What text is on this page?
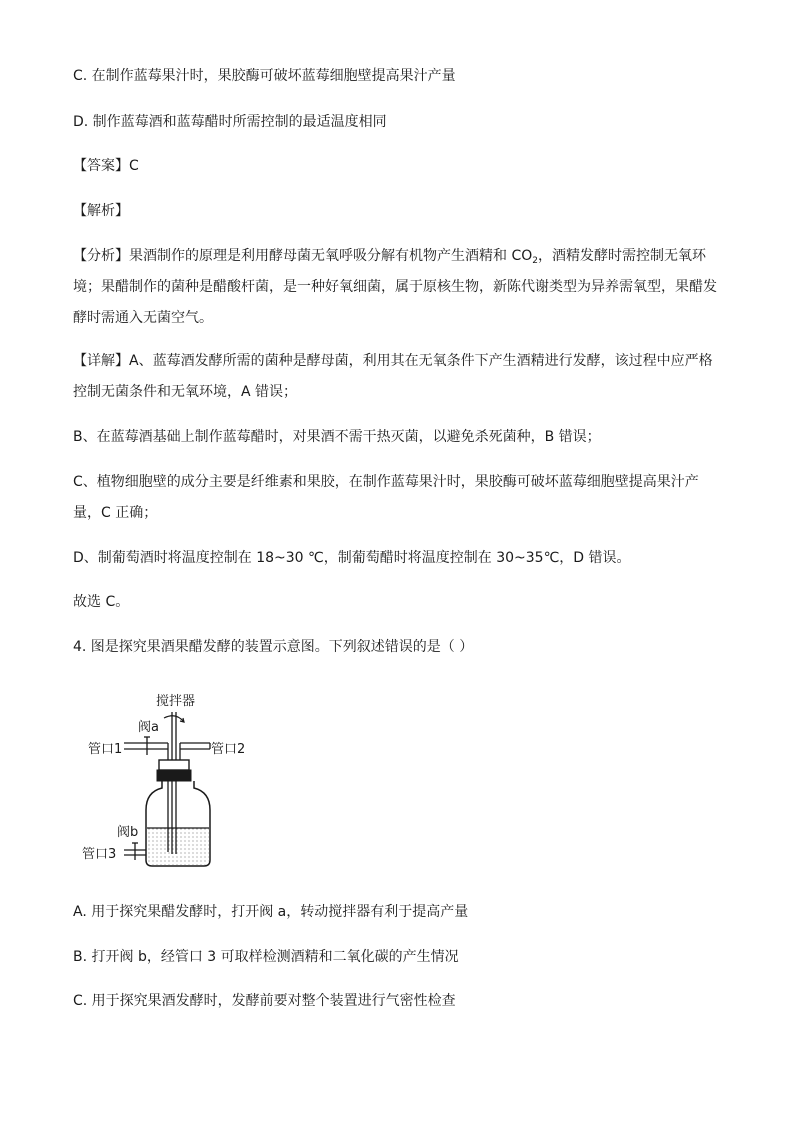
C. 在制作蓝莓果汁时，果胶酶可破坏蓝莓细胞壁提高果汁产量
D. 制作蓝莓酒和蓝莓醋时所需控制的最适温度相同
【答案】C
【解析】
【分析】果酒制作的原理是利用酵母菌无氧呼吸分解有机物产生酒精和 $CO_2$，酒精发酵时需控制无氧环
境；果醋制作的菌种是醋酸杆菌，是一种好氧细菌，属于原核生物，新陈代谢类型为异养需氧型，果醋发
酵时需通入无菌空气。
【详解】A、蓝莓酒发酵所需的菌种是酵母菌，利用其在无氧条件下产生酒精进行发酵，该过程中应严格
控制无菌条件和无氧环境，A 错误；
B、在蓝莓酒基础上制作蓝莓醋时，对果酒不需干热灭菌，以避免杀死菌种，B 错误；
C、植物细胞壁的成分主要是纤维素和果胶，在制作蓝莓果汁时，果胶酶可破坏蓝莓细胞壁提高果汁产
量，C 正确；
D、制葡萄酒时将温度控制在 18~30 ℃，制葡萄醋时将温度控制在 30~35℃，D 错误。
故选 C。
4. 图是探究果酒果醋发酵的装置示意图。下列叙述错误的是（ ）
搅拌器
阀a
管口1	管口2
阀b
管口3
A. 用于探究果醋发酵时，打开阀 a，转动搅拌器有利于提高产量
B. 打开阀 b，经管口 3 可取样检测酒精和二氧化碳的产生情况
C. 用于探究果酒发酵时，发酵前要对整个装置进行气密性检查
